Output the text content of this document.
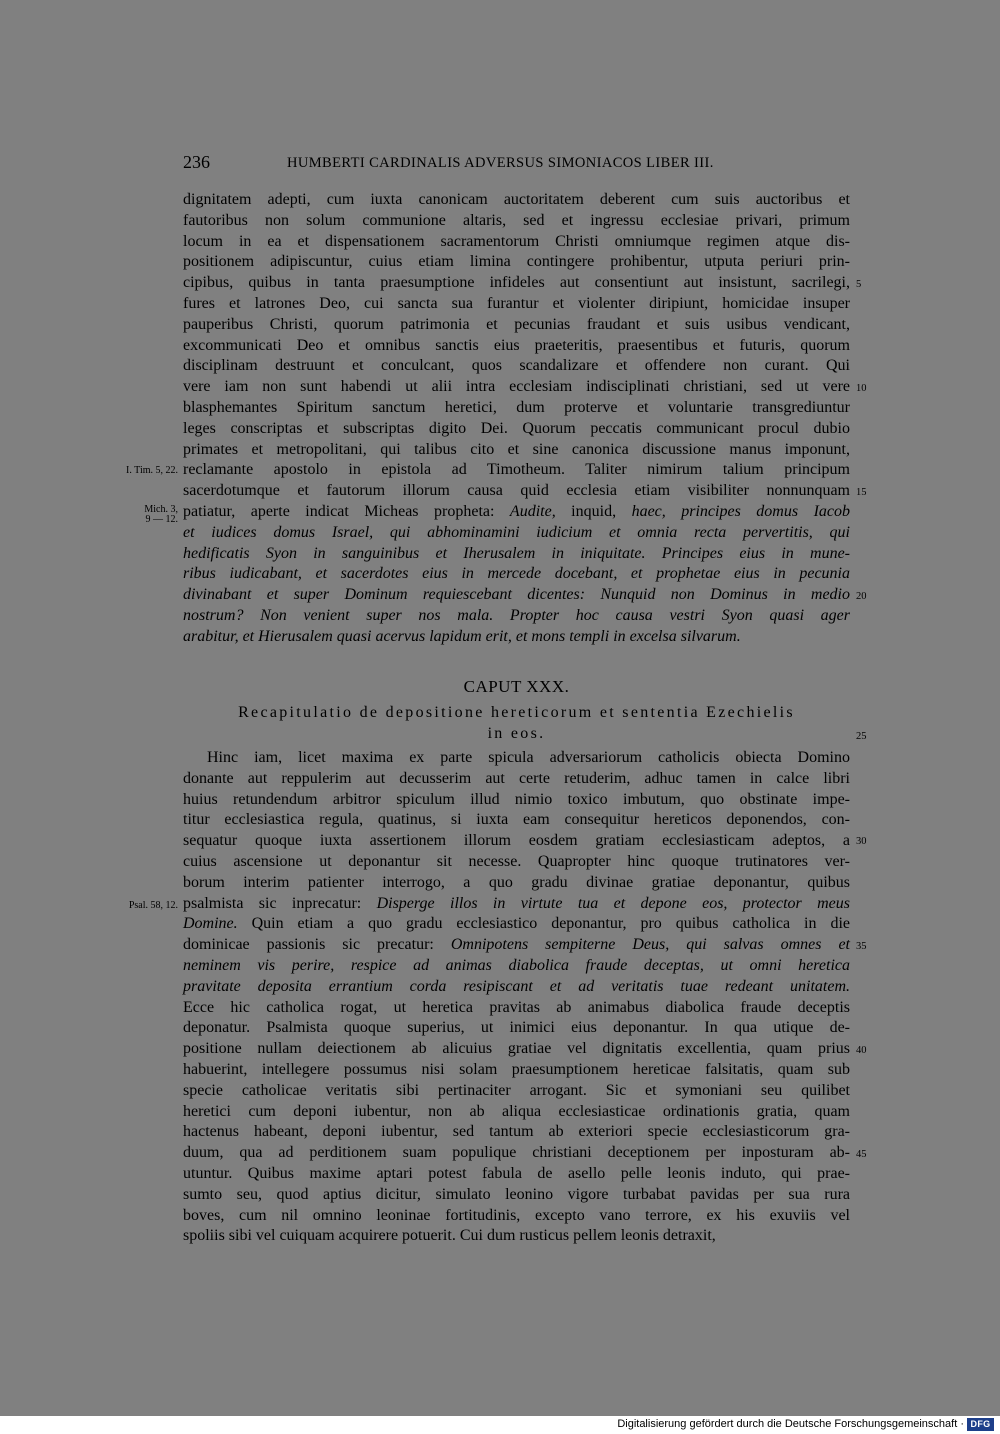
236	HUMBERTI CARDINALIS ADVERSUS SIMONIACOS LIBER III.
dignitatem adepti, cum iuxta canonicam auctoritatem deberent cum suis auctoribus et
fautoribus non solum communione altaris, sed et ingressu ecclesiae privari, primum
locum in ea et dispensationem sacramentorum Christi omniumque regimen atque dis-
positionem adipiscuntur, cuius etiam limina contingere prohibentur, utputa periuri prin-
cipibus, quibus in tanta praesumptione infideles aut consentiunt aut insistunt, sacrilegi,
fures et latrones Deo, cui sancta sua furantur et violenter diripiunt, homicidae insuper
pauperibus Christi, quorum patrimonia et pecunias fraudant et suis usibus vendicant,
excommunicati Deo et omnibus sanctis eius praeteritis, praesentibus et futuris, quorum
disciplinam destruunt et conculcant, quos scandalizare et offendere non curant. Qui
vere iam non sunt habendi ut alii intra ecclesiam indisciplinati christiani, sed ut vere
blasphemantes Spiritum sanctum heretici, dum proterve et voluntarie transgrediuntur
leges conscriptas et subscriptas digito Dei. Quorum peccatis communicant procul dubio
primates et metropolitani, qui talibus cito et sine canonica discussione manus imponunt,
reclamante apostolo in epistola ad Timotheum. Taliter nimirum talium principum
sacerdotumque et fautorum illorum causa quid ecclesia etiam visibiliter nonnunquam
patiatur, aperte indicat Micheas propheta: Audite, inquid, haec, principes domus Iacob
et iudices domus Israel, qui abhominamini iudicium et omnia recta pervertitis, qui
hedificatis Syon in sanguinibus et Iherusalem in iniquitate. Principes eius in mune-
ribus iudicabant, et sacerdotes eius in mercede docebant, et prophetae eius in pecunia
divinabant et super Dominum requiescebant dicentes: Nunquid non Dominus in medio
nostrum? Non venient super nos mala. Propter hoc causa vestri Syon quasi ager
arabitur, et Hierusalem quasi acervus lapidum erit, et mons templi in excelsa silvarum.
CAPUT XXX.
Recapitulatio de depositione hereticorum et sententia Ezechielis
in eos.
Hinc iam, licet maxima ex parte spicula adversariorum catholicis obiecta Domino
donante aut reppulerim aut decusserim aut certe retuderim, adhuc tamen in calce libri
huius retundendum arbitror spiculum illud nimio toxico imbutum, quo obstinate impe-
titur ecclesiastica regula, quatinus, si iuxta eam consequitur hereticos deponendos, con-
sequatur quoque iuxta assertionem illorum eosdem gratiam ecclesiasticam adeptos, a
cuius ascensione ut deponantur sit necesse. Quapropter hinc quoque trutinatores ver-
borum interim patienter interrogo, a quo gradu divinae gratiae deponantur, quibus
psalmista sic inprecatur: Disperge illos in virtute tua et depone eos, protector meus
Domine. Quin etiam a quo gradu ecclesiastico deponantur, pro quibus catholica in die
dominicae passionis sic precatur: Omnipotens sempiterne Deus, qui salvas omnes et
neminem vis perire, respice ad animas diabolica fraude deceptas, ut omni heretica
pravitate deposita errantium corda resipiscant et ad veritatis tuae redeant unitatem.
Ecce hic catholica rogat, ut heretica pravitas ab animabus diabolica fraude deceptis
deponatur. Psalmista quoque superius, ut inimici eius deponantur. In qua utique de-
positione nullam deiectionem ab alicuius gratiae vel dignitatis excellentia, quam prius
habuerint, intellegere possumus nisi solam praesumptionem hereticae falsitatis, quam sub
specie catholicae veritatis sibi pertinaciter arrogant. Sic et symoniani seu quilibet
heretici cum deponi iubentur, non ab aliqua ecclesiasticae ordinationis gratia, quam
hactenus habeant, deponi iubentur, sed tantum ab exteriori specie ecclesiasticorum gra-
duum, qua ad perditionem suam populique christiani deceptionem per inposturam ab-
utuntur. Quibus maxime aptari potest fabula de asello pelle leonis induto, qui prae-
sumto seu, quod aptius dicitur, simulato leonino vigore turbabat pavidas per sua rura
boves, cum nil omnino leoninae fortitudinis, excepto vano terrore, ex his exuviis vel
spoliis sibi vel cuiquam acquirere potuerit. Cui dum rusticus pellem leonis detraxit,
5
10
15
20
25
30
35
40
45
I. Tim. 5, 22.
Mich. 3,
9 — 12.
Psal. 58, 12.
Digitalisierung gefördert durch die Deutsche Forschungsgemeinschaft · DFG
